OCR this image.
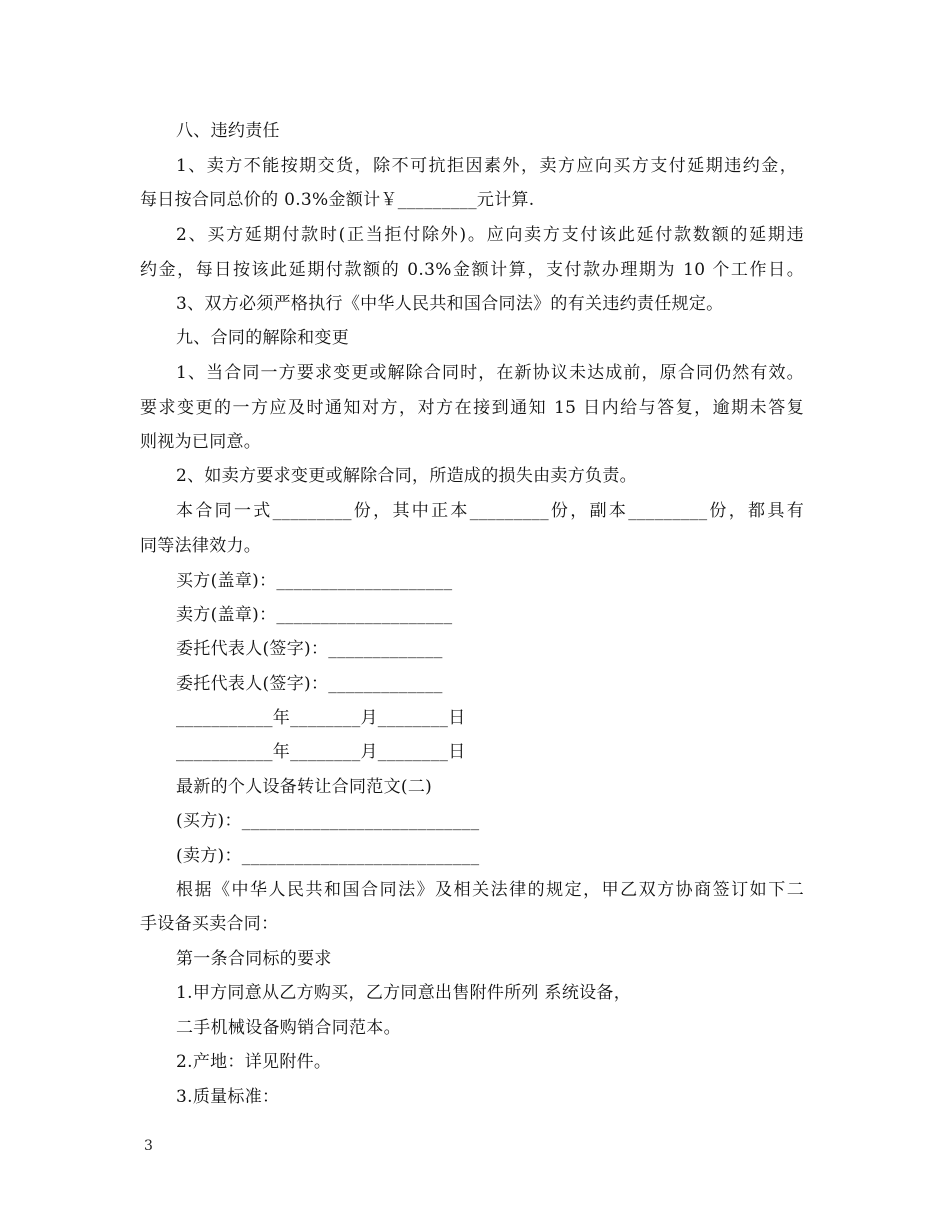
八、违约责任
1、卖方不能按期交货，除不可抗拒因素外，卖方应向买方支付延期违约金，
每日按合同总价的 0.3%金额计￥_________元计算.
2、买方延期付款时(正当拒付除外)。应向卖方支付该此延付款数额的延期违
约金，每日按该此延期付款额的 0.3%金额计算，支付款办理期为 10 个工作日。
3、双方必须严格执行《中华人民共和国合同法》的有关违约责任规定。
九、合同的解除和变更
1、当合同一方要求变更或解除合同时，在新协议未达成前，原合同仍然有效。
要求变更的一方应及时通知对方，对方在接到通知 15 日内给与答复，逾期未答复
则视为已同意。
2、如卖方要求变更或解除合同，所造成的损失由卖方负责。
本合同一式_________份，其中正本_________份，副本_________份，都具有
同等法律效力。
买方(盖章)：____________________
卖方(盖章)：____________________
委托代表人(签字)：_____________
委托代表人(签字)：_____________
___________年________月________日
___________年________月________日
最新的个人设备转让合同范文(二)
(买方)：___________________________
(卖方)：___________________________
根据《中华人民共和国合同法》及相关法律的规定，甲乙双方协商签订如下二
手设备买卖合同：
第一条合同标的要求
1.甲方同意从乙方购买，乙方同意出售附件所列 系统设备，
二手机械设备购销合同范本。
2.产地：详见附件。
3.质量标准：
3
